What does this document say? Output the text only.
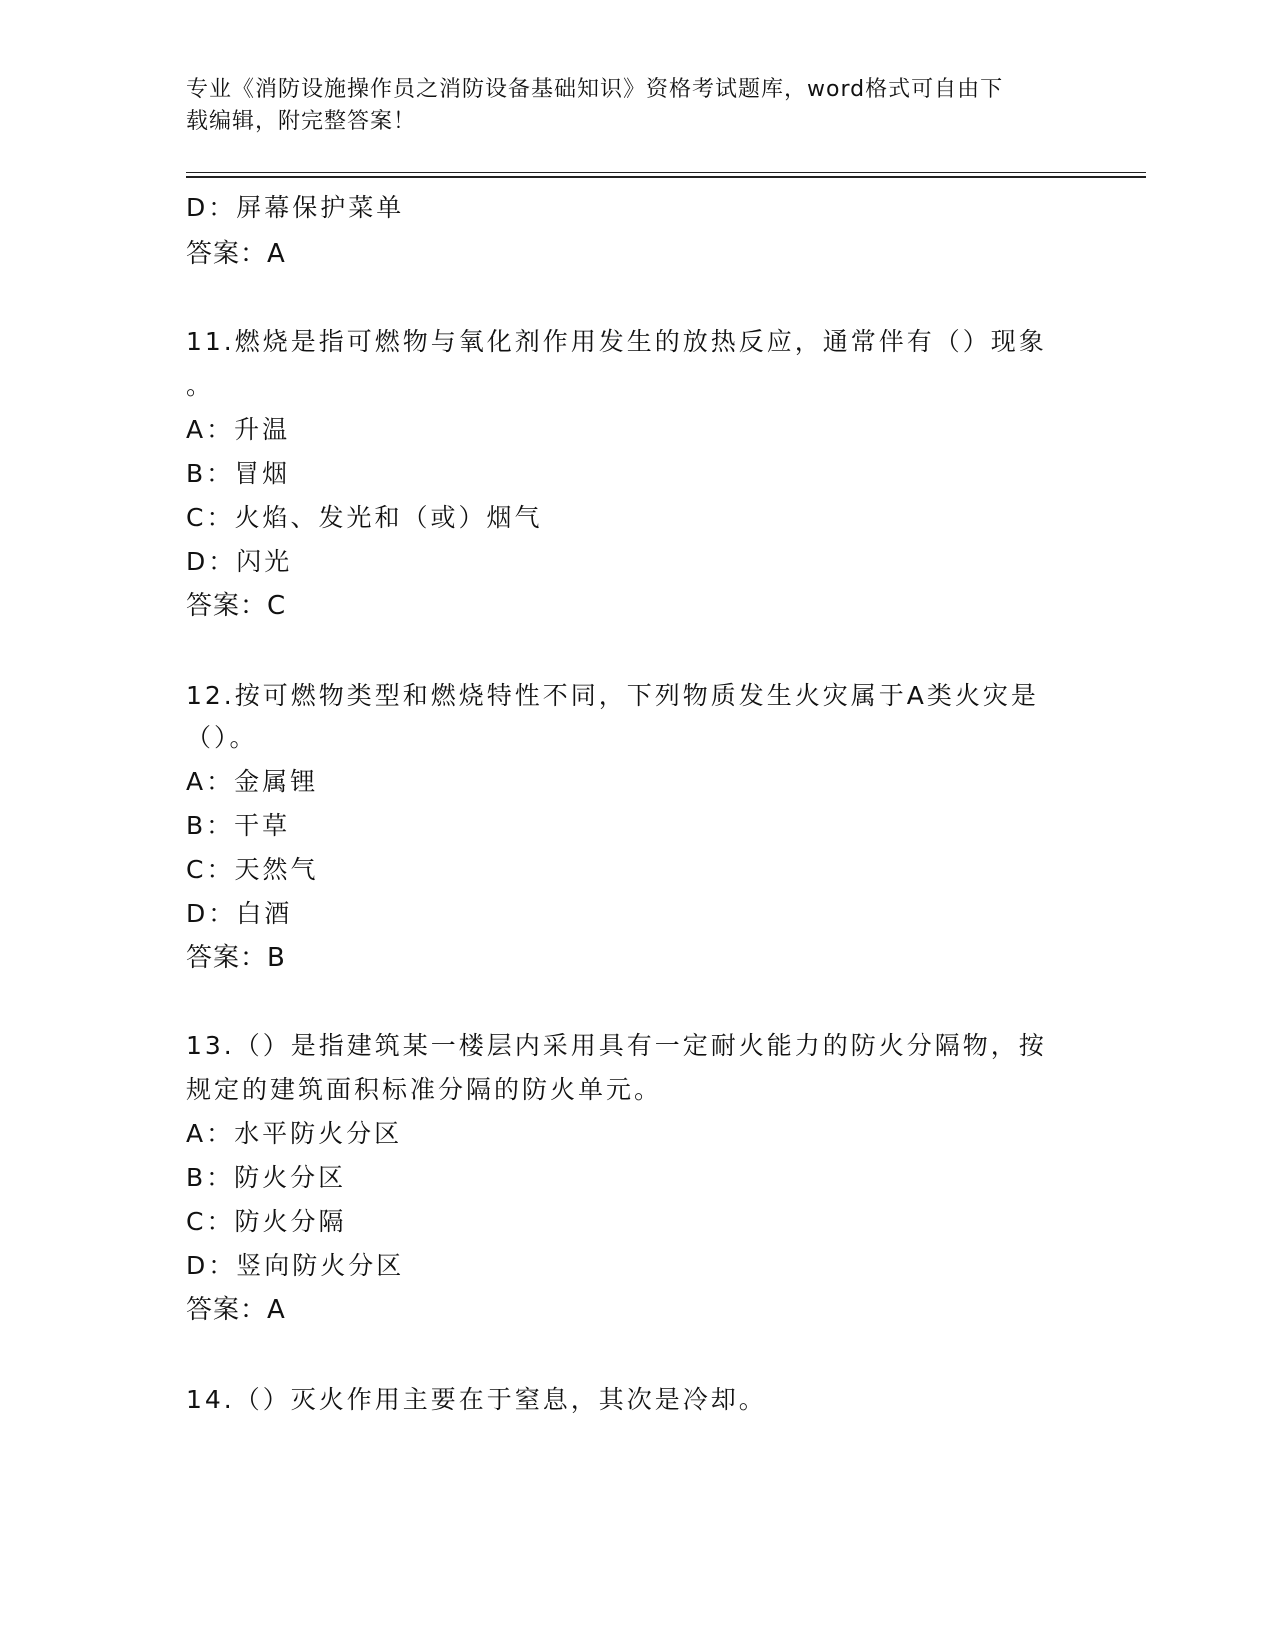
专业《消防设施操作员之消防设备基础知识》资格考试题库，word格式可自由下
载编辑，附完整答案！
D：屏幕保护菜单
答案：A
11.燃烧是指可燃物与氧化剂作用发生的放热反应，通常伴有（）现象
。
A：升温
B：冒烟
C：火焰、发光和（或）烟气
D：闪光
答案：C
12.按可燃物类型和燃烧特性不同，下列物质发生火灾属于A类火灾是
（）。
A：金属锂
B：干草
C：天然气
D：白酒
答案：B
13.（）是指建筑某一楼层内采用具有一定耐火能力的防火分隔物，按
规定的建筑面积标准分隔的防火单元。
A：水平防火分区
B：防火分区
C：防火分隔
D：竖向防火分区
答案：A
14.（）灭火作用主要在于窒息，其次是冷却。
